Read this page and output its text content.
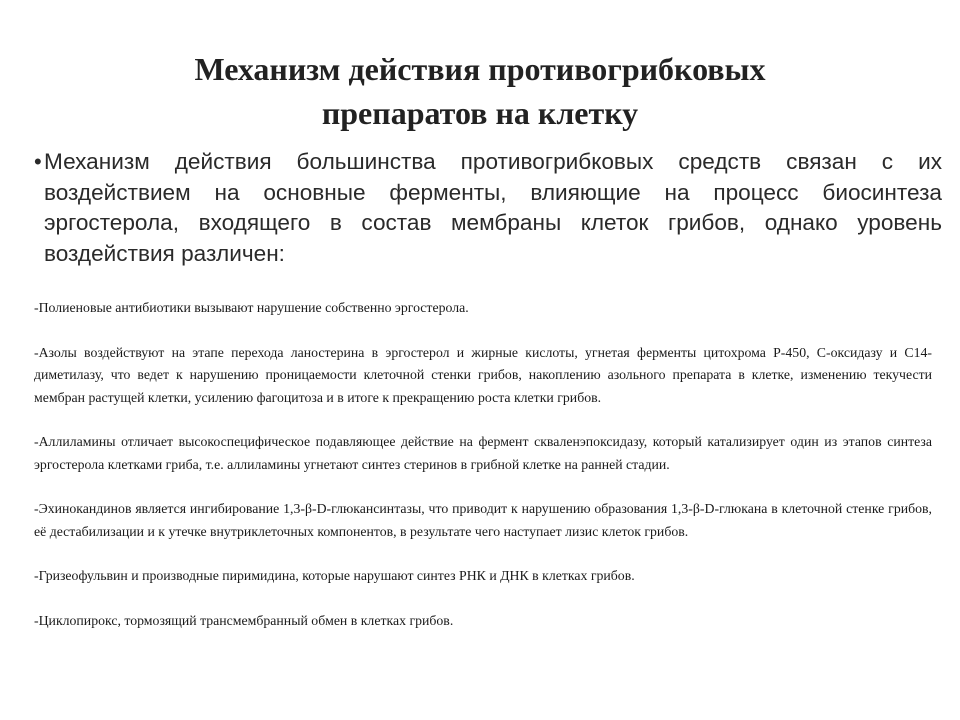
Механизм действия противогрибковых
препаратов на клетку
• Механизм действия большинства противогрибковых средств связан с их воздействием на основные ферменты, влияющие на процесс биосинтеза эргостерола, входящего в состав мембраны клеток грибов, однако уровень воздействия различен:
-Полиеновые антибиотики вызывают нарушение собственно эргостерола.
-Азолы воздействуют на этапе перехода ланостерина в эргостерол и жирные кислоты, угнетая ферменты цитохрома Р-450, С-оксидазу и С14-диметилазу, что ведет к нарушению проницаемости клеточной стенки грибов, накоплению азольного препарата в клетке, изменению текучести мембран растущей клетки, усилению фагоцитоза и в итоге к прекращению роста клетки грибов.
-Аллиламины отличает высокоспецифическое подавляющее действие на фермент скваленэпоксидазу, который катализирует один из этапов синтеза эргостерола клетками гриба, т.е. аллиламины угнетают синтез стеринов в грибной клетке на ранней стадии.
-Эхинокандинов является ингибирование 1,3-β-D-глюкансинтазы, что приводит к нарушению образования 1,3-β-D-глюкана в клеточной стенке грибов, её дестабилизации и к утечке внутриклеточных компонентов, в результате чего наступает лизис клеток грибов.
-Гризеофульвин и производные пиримидина, которые нарушают синтез РНК и ДНК в клетках грибов.
-Циклопирокс, тормозящий трансмембранный обмен в клетках грибов.
